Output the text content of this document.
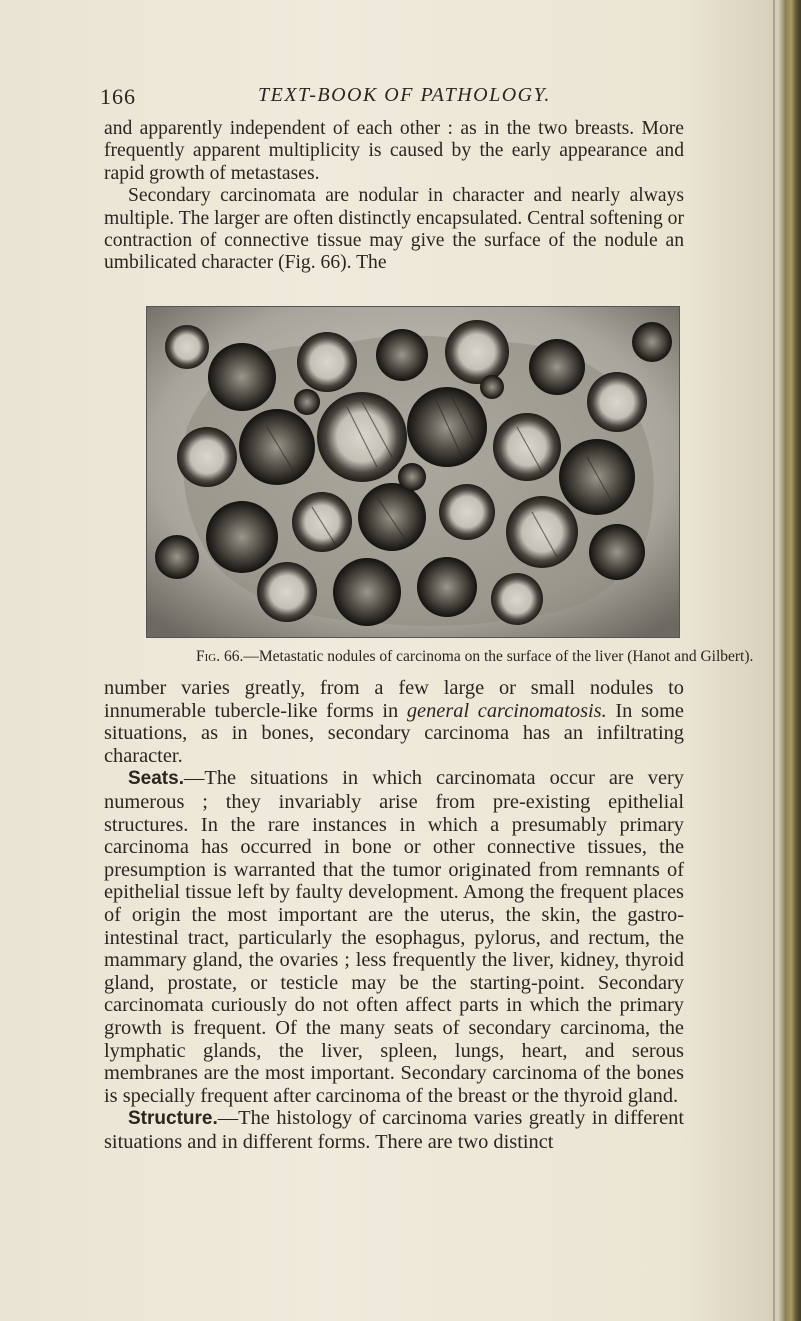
166	TEXT-BOOK OF PATHOLOGY.

and apparently independent of each other : as in the two breasts. More frequently apparent multiplicity is caused by the early appearance and rapid growth of metastases.

Secondary carcinomata are nodular in character and nearly always multiple. The larger are often distinctly encapsulated. Central softening or contraction of connective tissue may give the surface of the nodule an umbilicated character (Fig. 66). The

Fig. 66.—Metastatic nodules of carcinoma on the surface of the liver (Hanot and Gilbert).

number varies greatly, from a few large or small nodules to innumerable tubercle-like forms in general carcinomatosis. In some situations, as in bones, secondary carcinoma has an infiltrating character.

Seats.—The situations in which carcinomata occur are very numerous ; they invariably arise from pre-existing epithelial structures. In the rare instances in which a presumably primary carcinoma has occurred in bone or other connective tissues, the presumption is warranted that the tumor originated from remnants of epithelial tissue left by faulty development. Among the frequent places of origin the most important are the uterus, the skin, the gastro-intestinal tract, particularly the esophagus, pylorus, and rectum, the mammary gland, the ovaries ; less frequently the liver, kidney, thyroid gland, prostate, or testicle may be the starting-point. Secondary carcinomata curiously do not often affect parts in which the primary growth is frequent. Of the many seats of secondary carcinoma, the lymphatic glands, the liver, spleen, lungs, heart, and serous membranes are the most important. Secondary carcinoma of the bones is specially frequent after carcinoma of the breast or the thyroid gland.

Structure.—The histology of carcinoma varies greatly in different situations and in different forms. There are two distinct
